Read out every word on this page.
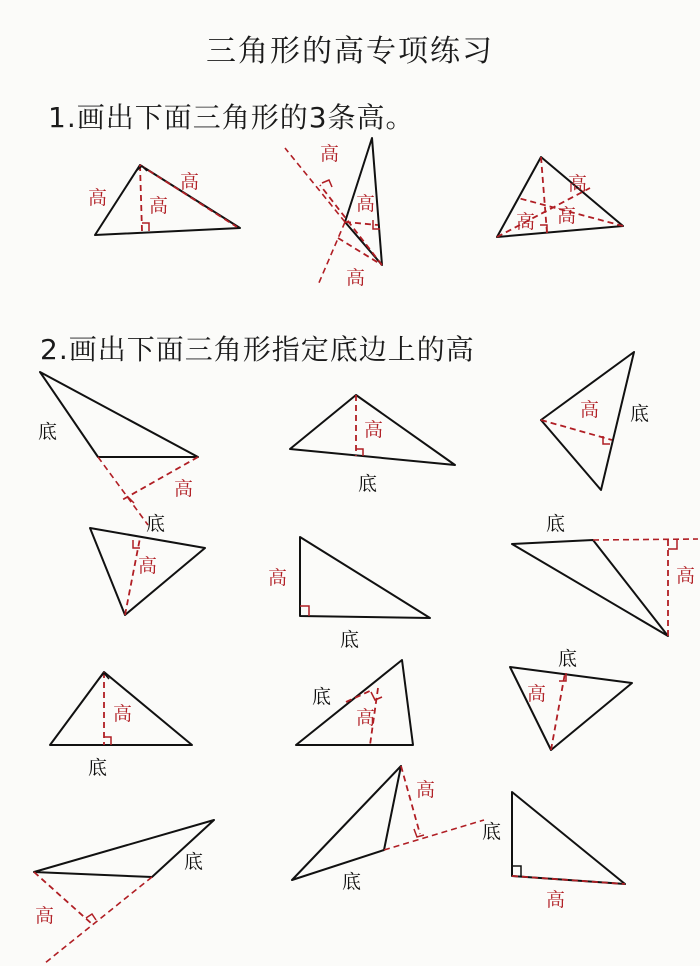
三角形的高专项练习
1.画出下面三角形的3条高。
2.画出下面三角形指定底边上的高
高
高
高
高
高
高
高
高 高
底
高
底
高
底
高 底
高
高
底
底
高
高
底
底
高
底
高
底
高
高
底
底
高
